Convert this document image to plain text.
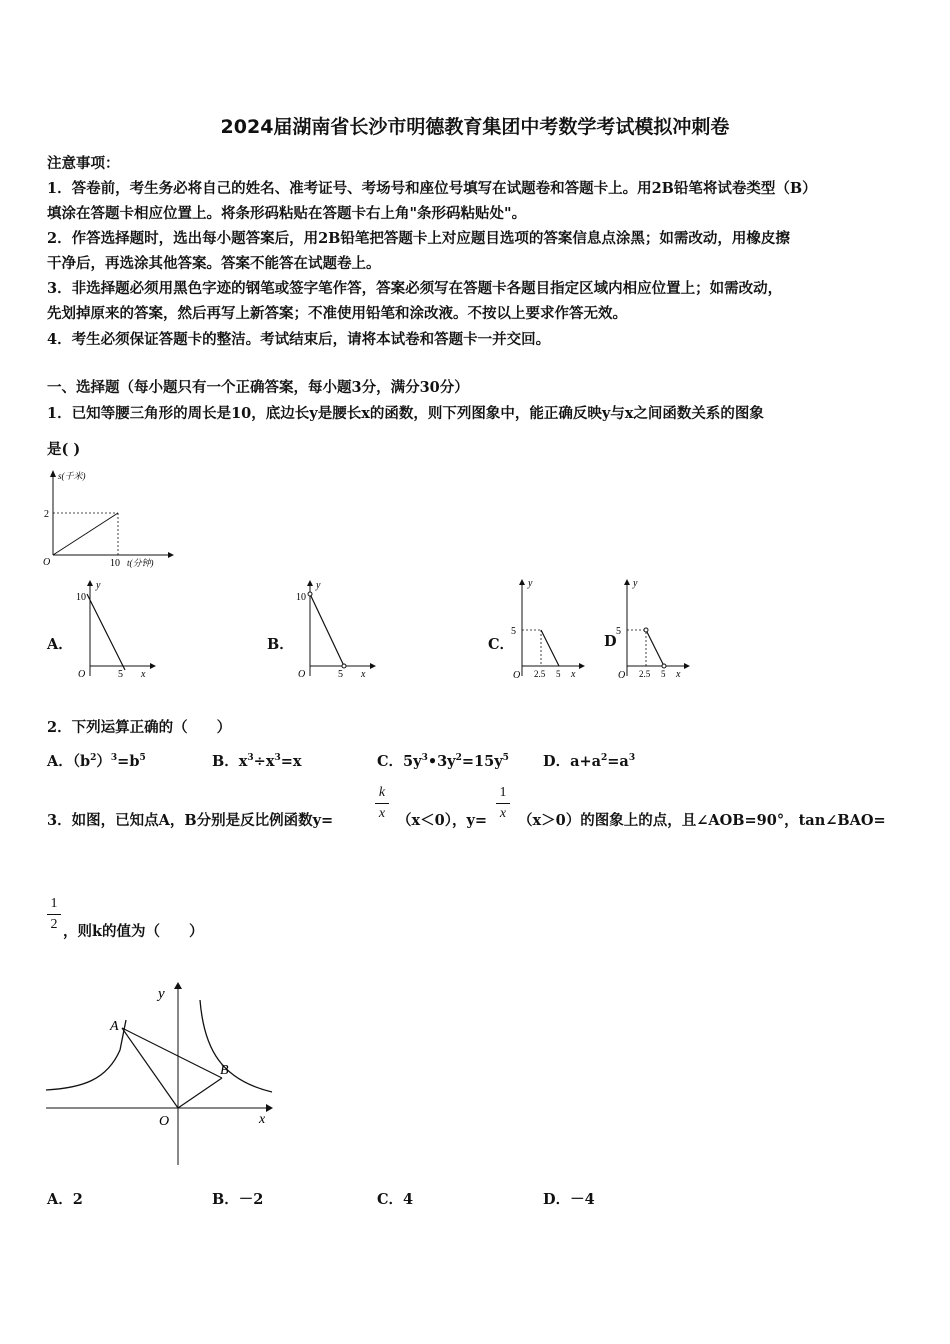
2024届湖南省长沙市明德教育集团中考数学考试模拟冲刺卷
注意事项：
1．答卷前，考生务必将自己的姓名、准考证号、考场号和座位号填写在试题卷和答题卡上。用2B铅笔将试卷类型（B）
填涂在答题卡相应位置上。将条形码粘贴在答题卡右上角"条形码粘贴处"。
2．作答选择题时，选出每小题答案后，用2B铅笔把答题卡上对应题目选项的答案信息点涂黑；如需改动，用橡皮擦
干净后，再选涂其他答案。答案不能答在试题卷上。
3．非选择题必须用黑色字迹的钢笔或签字笔作答，答案必须写在答题卡各题目指定区域内相应位置上；如需改动，
先划掉原来的答案，然后再写上新答案；不准使用铅笔和涂改液。不按以上要求作答无效。
4．考生必须保证答题卡的整洁。考试结束后，请将本试卷和答题卡一并交回。
一、选择题（每小题只有一个正确答案，每小题3分，满分30分）
1．已知等腰三角形的周长是10，底边长y是腰长x的函数，则下列图象中，能正确反映y与x之间函数关系的图象
是( )
s(千米)
2
O	10 t(分钟)
A．
y
10
O	5 x
B．
y
10
O	5 x
C．
y
5
O 2.5 5 x
D
y
5
O 2.5 5 x
2．下列运算正确的（　　）
A．$(b^2)^3=b^5$	B．$x^3\div x^3=x$	C．$5y^3•3y^2=15y^5$ D．$a+a^2=a^3$
3．如图，已知点A，B分别是反比例函数y=
k
x （x＜0），y=
1
x （x＞0）的图象上的点，且∠AOB=90°，tan∠BAO=
1
2 ，则k的值为（　　）
y
A
B
O	x
A．2	B．－2	C．4	D．－4
